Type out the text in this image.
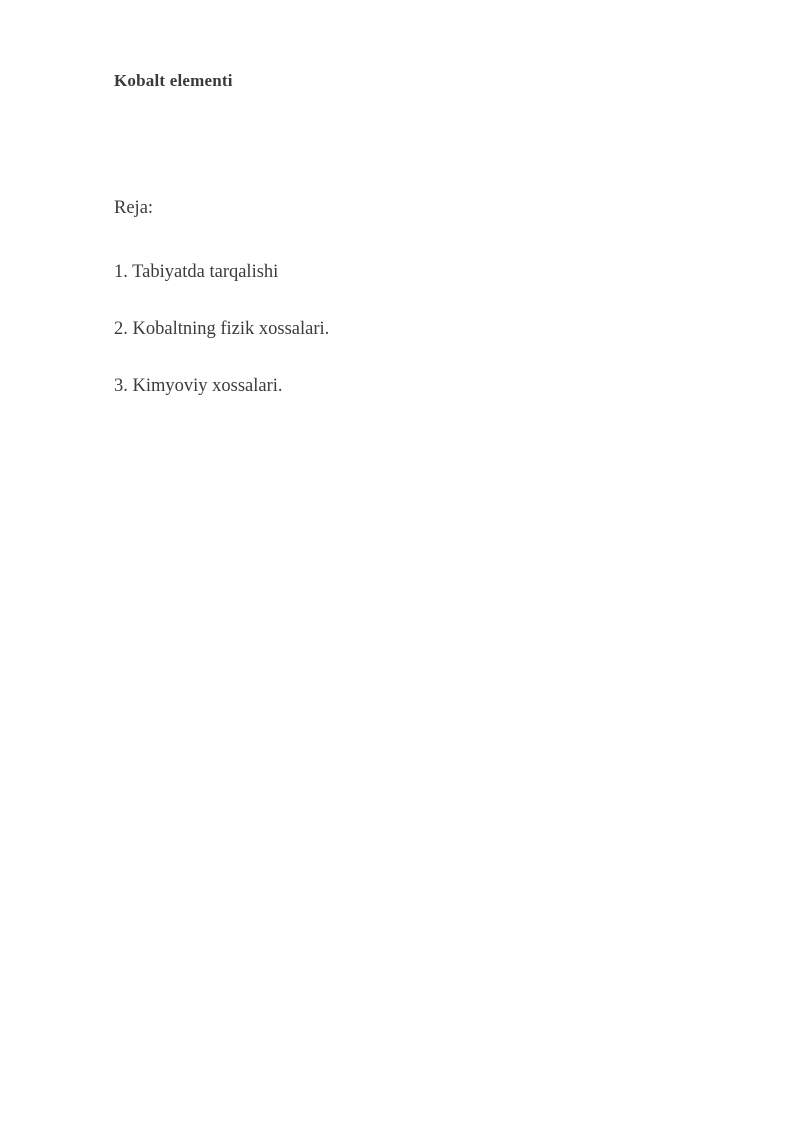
Kobalt elementi

Reja:

1. Tabiyatda tarqalishi

2. Kobaltning fizik xossalari.

3. Kimyoviy xossalari.
